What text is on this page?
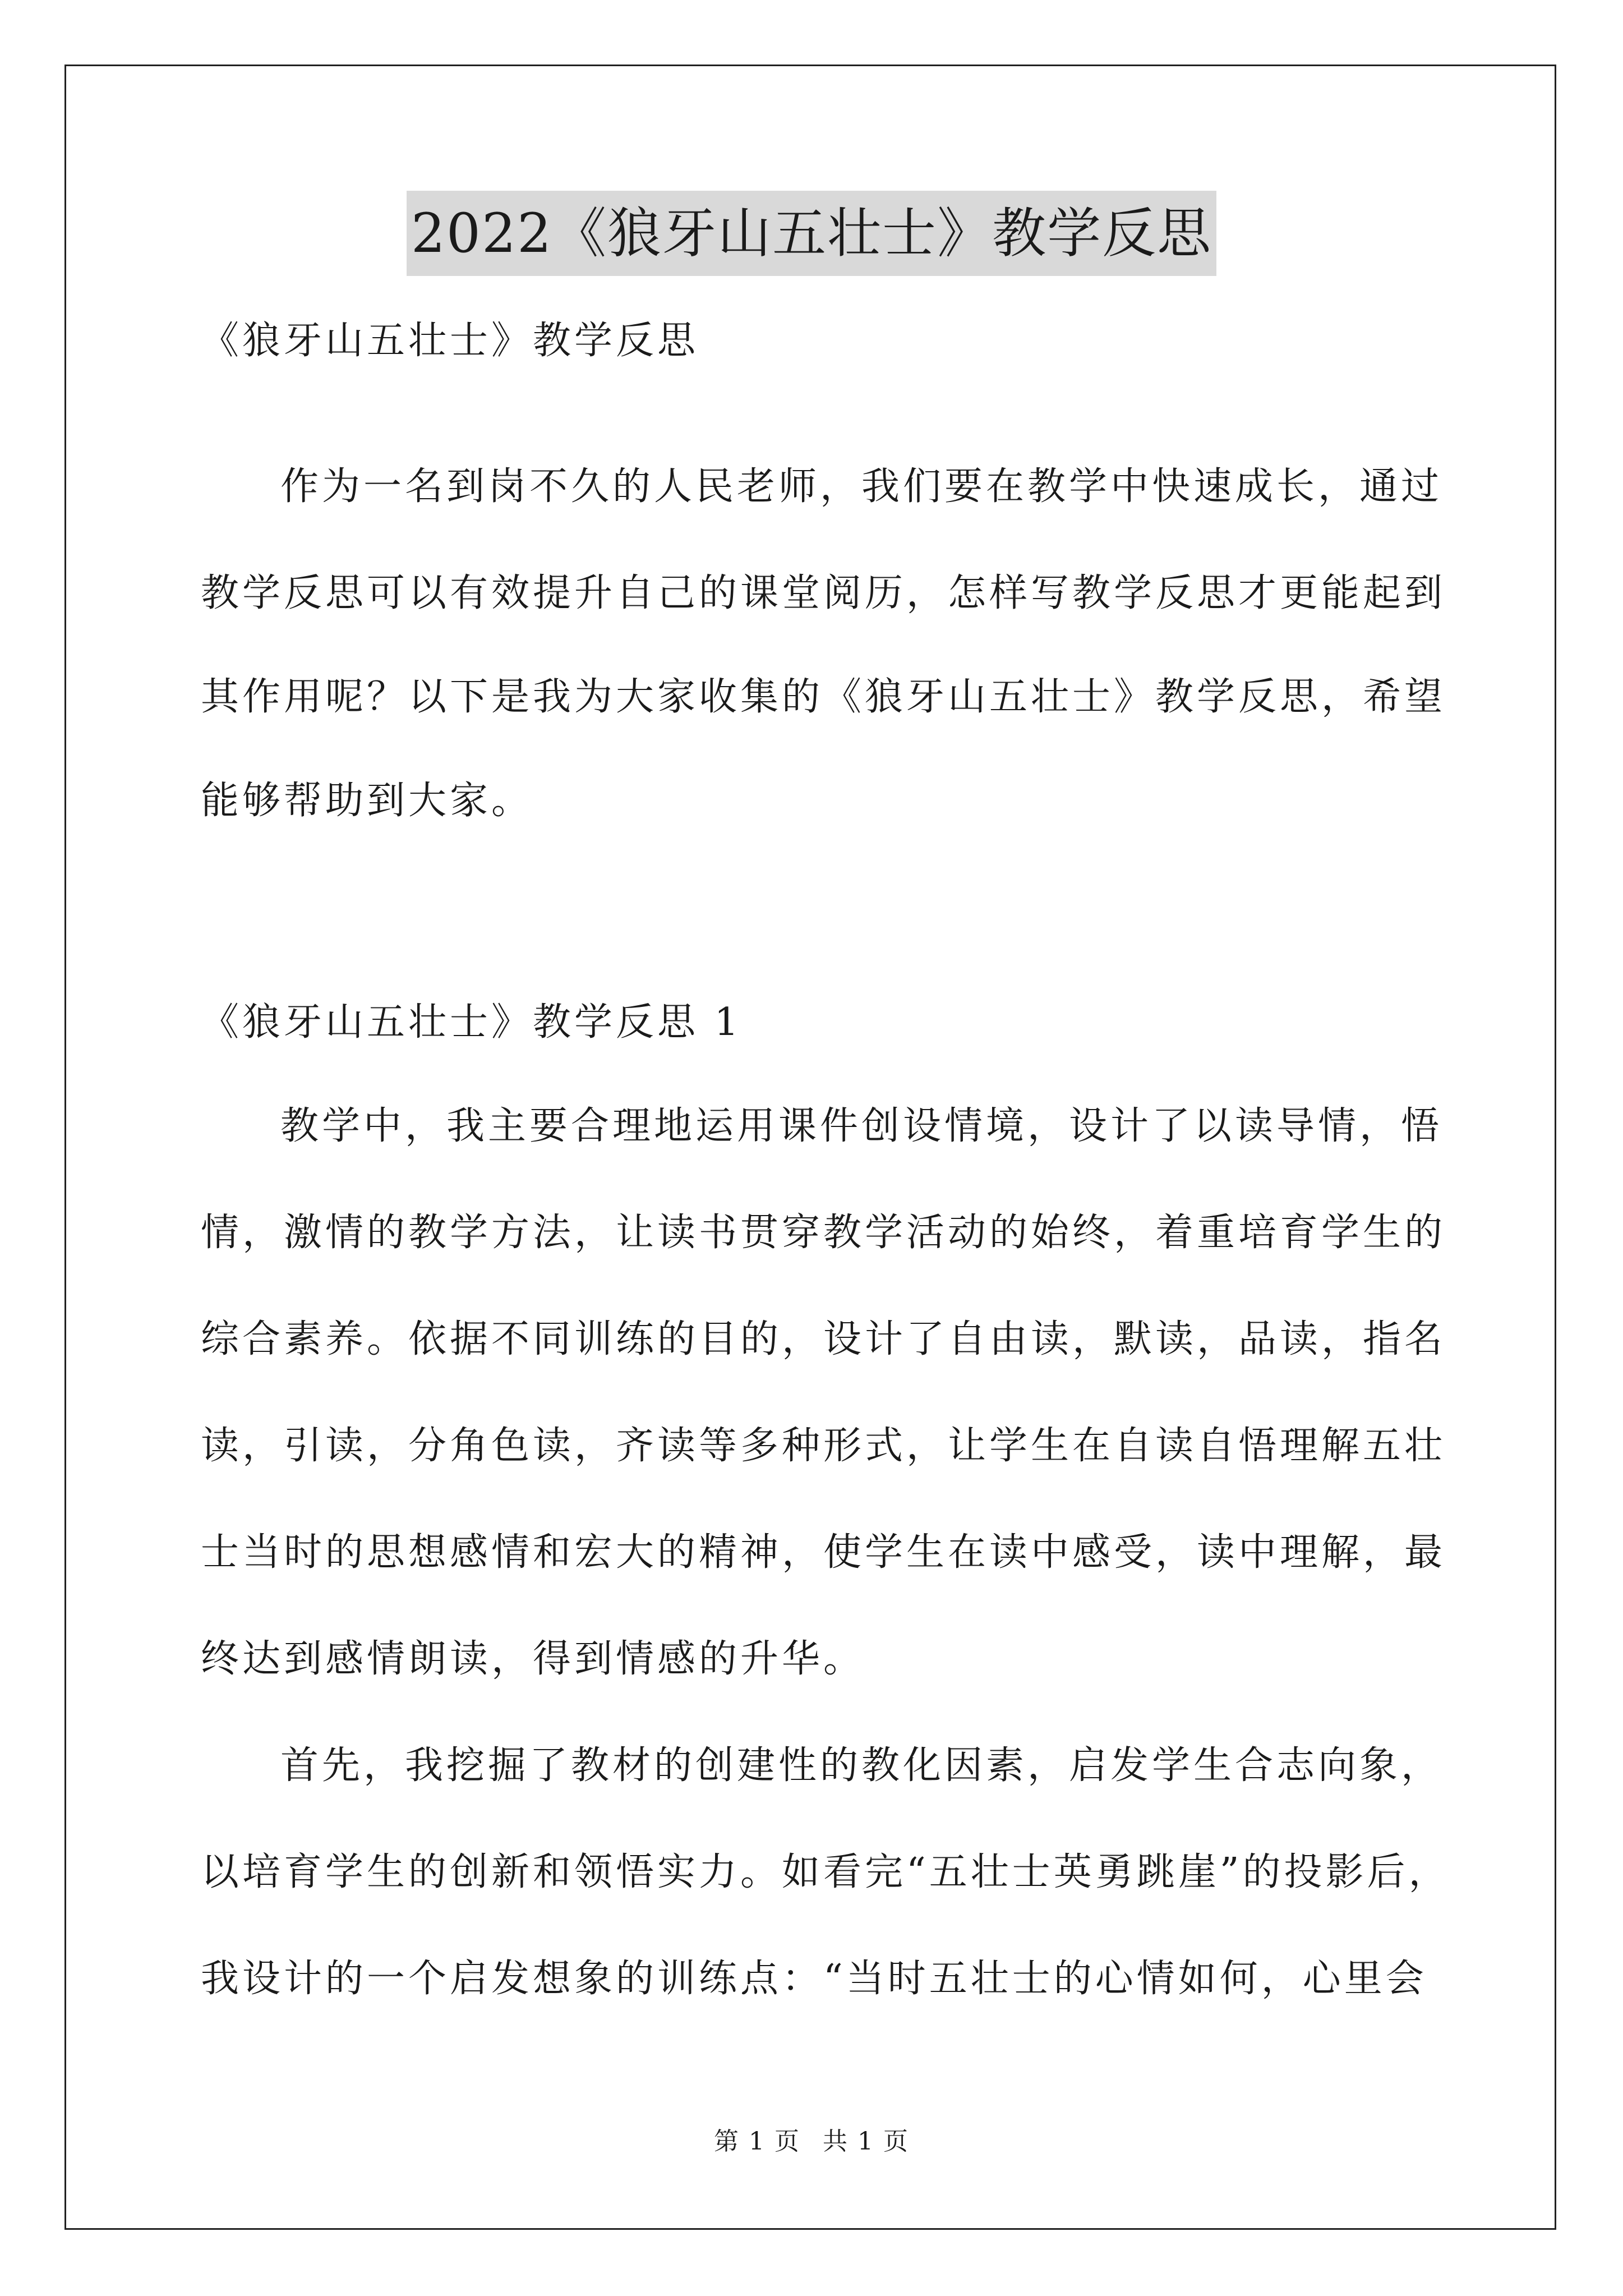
2022《狼牙山五壮士》教学反思
《狼牙山五壮士》教学反思
作为一名到岗不久的人民老师，我们要在教学中快速成长，通过
教学反思可以有效提升自己的课堂阅历，怎样写教学反思才更能起到
其作用呢？以下是我为大家收集的《狼牙山五壮士》教学反思，希望
能够帮助到大家。
《狼牙山五壮士》教学反思 1
教学中，我主要合理地运用课件创设情境，设计了以读导情，悟
情，激情的教学方法，让读书贯穿教学活动的始终，着重培育学生的
综合素养。依据不同训练的目的，设计了自由读，默读，品读，指名
读，引读，分角色读，齐读等多种形式，让学生在自读自悟理解五壮
士当时的思想感情和宏大的精神，使学生在读中感受，读中理解，最
终达到感情朗读，得到情感的升华。
首先，我挖掘了教材的创建性的教化因素，启发学生合志向象，
以培育学生的创新和领悟实力。如看完“五壮士英勇跳崖”的投影后，
我设计的一个启发想象的训练点：“当时五壮士的心情如何，心里会
第 1 页 共 1 页
